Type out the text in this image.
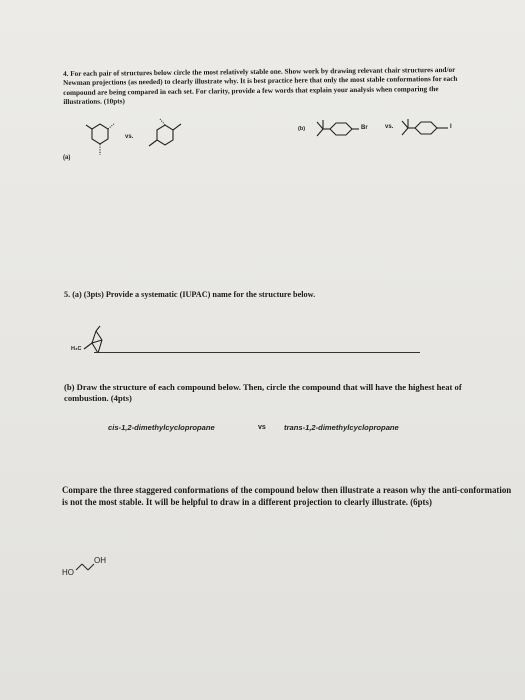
4. For each pair of structures below circle the most relatively stable one. Show work by drawing relevant chair structures and/or Newman projections (as needed) to clearly illustrate why. It is best practice here that only the most stable conformations for each compound are being compared in each set. For clarity, provide a few words that explain your analysis when comparing the illustrations. (10pts)
(a)
vs.
(b)	Br	vs.	I
5. (a) (3pts) Provide a systematic (IUPAC) name for the structure below.
H₃C
(b) Draw the structure of each compound below. Then, circle the compound that will have the highest heat of combustion. (4pts)
cis-1,2-dimethylcyclopropane	vs trans-1,2-dimethylcyclopropane
Compare the three staggered conformations of the compound below then illustrate a reason why the anti-conformation is not the most stable. It will be helpful to draw in a different projection to clearly illustrate. (6pts)
HO
OH
